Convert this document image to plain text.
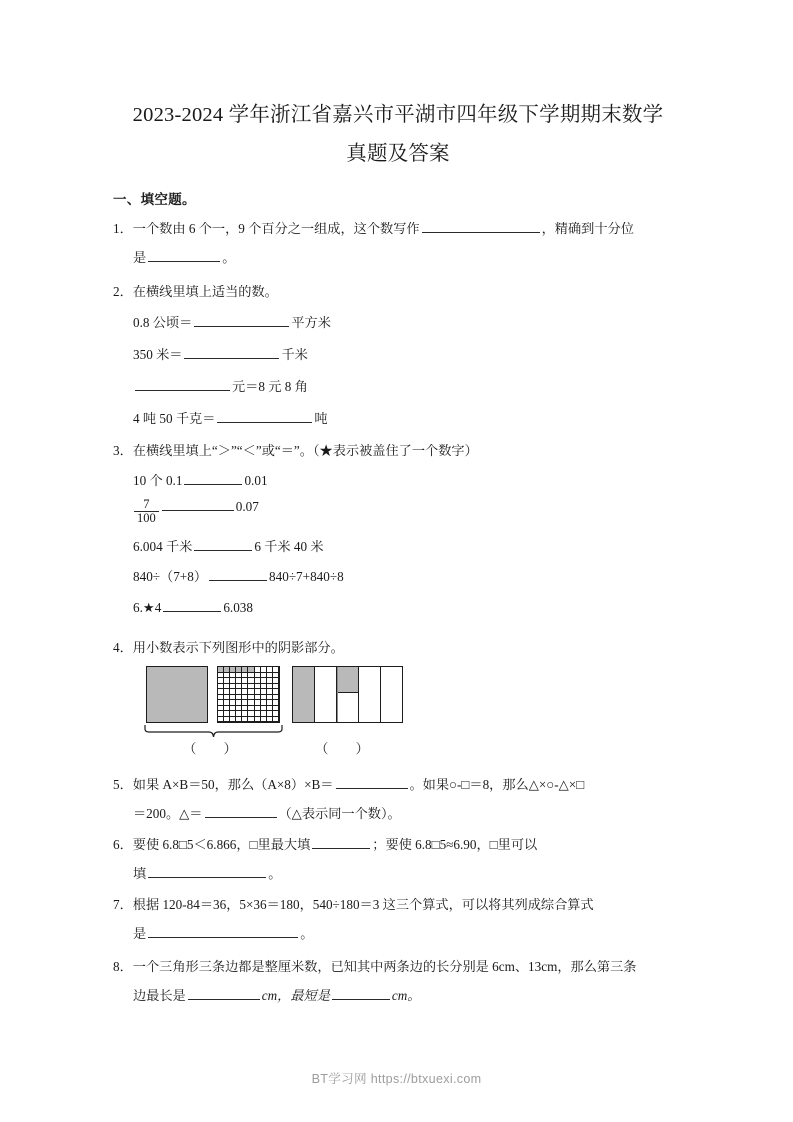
2023-2024 学年浙江省嘉兴市平湖市四年级下学期期末数学
真题及答案
一、填空题。
1．一个数由 6 个一，9 个百分之一组成，这个数写作	，精确到十分位
是	。
2．在横线里填上适当的数。
0.8 公顷＝	平方米
350 米＝	千米
元＝8 元 8 角
4 吨 50 千克＝	吨
3．在横线里填上“＞”“＜”或“＝”。（★表示被盖住了一个数字）
10 个 0.1	0.01
$\frac{7}{100}$	0.07
6.004 千米	6 千米 40 米
840÷（7+8）	840÷7+840÷8
6.★4	6.038
4．用小数表示下列图形中的阴影部分。
（ ）	（ ）
5．如果 A×B＝50，那么（A×8）×B＝	。如果○-□＝8，那么△×○-△×□
＝200。△＝	（△表示同一个数）。
6．要使 6.8□5＜6.866，□里最大填	；要使 6.8□5≈6.90，□里可以
填	。
7．根据 120-84＝36，5×36＝180，540÷180＝3 这三个算式，可以将其列成综合算式
是	。
8．一个三角形三条边都是整厘米数，已知其中两条边的长分别是 6cm、13cm，那么第三条
边最长是	cm，最短是	cm。
BT学习网 https://btxuexi.com
